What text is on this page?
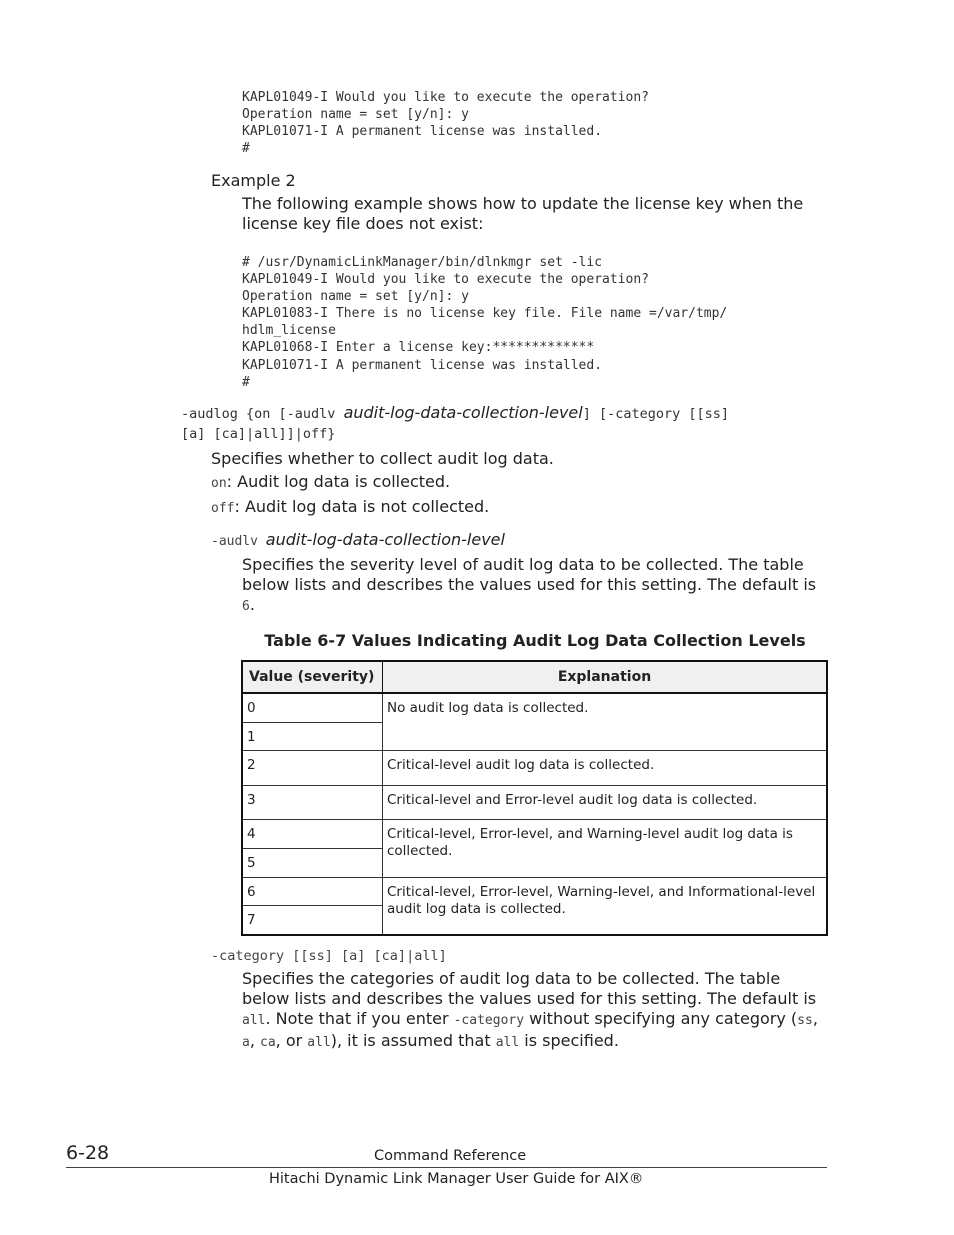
KAPL01049-I Would you like to execute the operation?
Operation name = set [y/n]: y
KAPL01071-I A permanent license was installed.
#
Example 2
The following example shows how to update the license key when the license key file does not exist:
# /usr/DynamicLinkManager/bin/dlnkmgr set -lic
KAPL01049-I Would you like to execute the operation?
Operation name = set [y/n]: y
KAPL01083-I There is no license key file. File name =/var/tmp/
hdlm_license
KAPL01068-I Enter a license key:*************
KAPL01071-I A permanent license was installed.
#
-audlog {on [-audlv audit-log-data-collection-level] [-category [[ss]
[a] [ca]|all]]|off}
Specifies whether to collect audit log data.
on: Audit log data is collected.
off: Audit log data is not collected.
-audlv audit-log-data-collection-level
Specifies the severity level of audit log data to be collected. The table below lists and describes the values used for this setting. The default is 6.
Table 6-7 Values Indicating Audit Log Data Collection Levels
Value (severity)	Explanation
0	No audit log data is collected.
1	
2	Critical-level audit log data is collected.
3	Critical-level and Error-level audit log data is collected.
4	Critical-level, Error-level, and Warning-level audit log data is collected.
5	
6	Critical-level, Error-level, Warning-level, and Informational-level audit log data is collected.
7	
-category [[ss] [a] [ca]|all]
Specifies the categories of audit log data to be collected. The table below lists and describes the values used for this setting. The default is all. Note that if you enter -category without specifying any category (ss, a, ca, or all), it is assumed that all is specified.
6-28	Command Reference
Hitachi Dynamic Link Manager User Guide for AIX®
